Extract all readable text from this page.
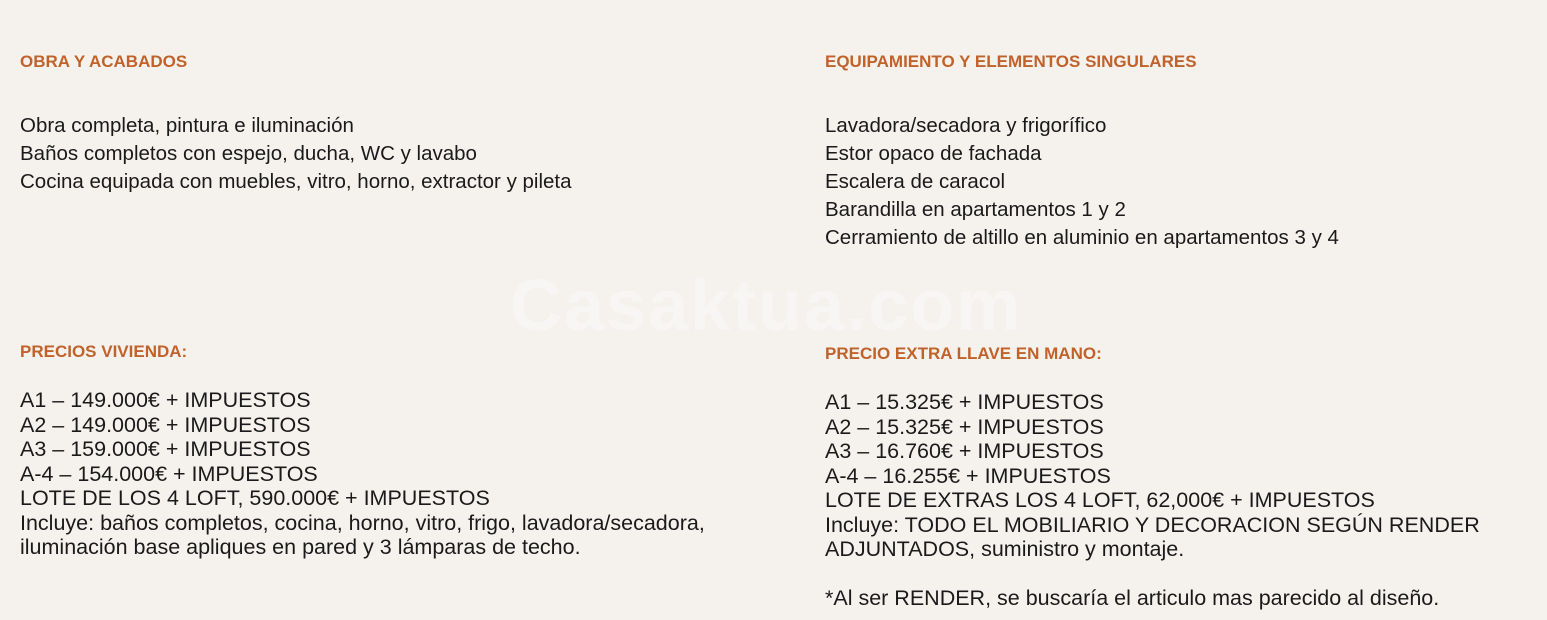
Casaktua.com
OBRA Y ACABADOS
Obra completa, pintura e iluminación
Baños completos con espejo, ducha, WC y lavabo
Cocina equipada con muebles, vitro, horno, extractor y pileta
EQUIPAMIENTO Y ELEMENTOS SINGULARES
Lavadora/secadora y frigorífico
Estor opaco de fachada
Escalera de caracol
Barandilla en apartamentos 1 y 2
Cerramiento de altillo en aluminio en apartamentos 3 y 4
PRECIOS VIVIENDA:
A1 – 149.000€ + IMPUESTOS
A2 – 149.000€ + IMPUESTOS
A3 – 159.000€ + IMPUESTOS
A-4 – 154.000€ + IMPUESTOS
LOTE DE LOS 4 LOFT, 590.000€ + IMPUESTOS
Incluye: baños completos, cocina, horno, vitro, frigo, lavadora/secadora, iluminación base apliques en pared y 3 lámparas de techo.
PRECIO EXTRA LLAVE EN MANO:
A1 – 15.325€ + IMPUESTOS
A2 – 15.325€ + IMPUESTOS
A3 – 16.760€ + IMPUESTOS
A-4 – 16.255€ + IMPUESTOS
LOTE DE EXTRAS LOS 4 LOFT, 62,000€ + IMPUESTOS
Incluye: TODO EL MOBILIARIO Y DECORACION SEGÚN RENDER ADJUNTADOS, suministro y montaje.
*Al ser RENDER, se buscaría el articulo mas parecido al diseño.
